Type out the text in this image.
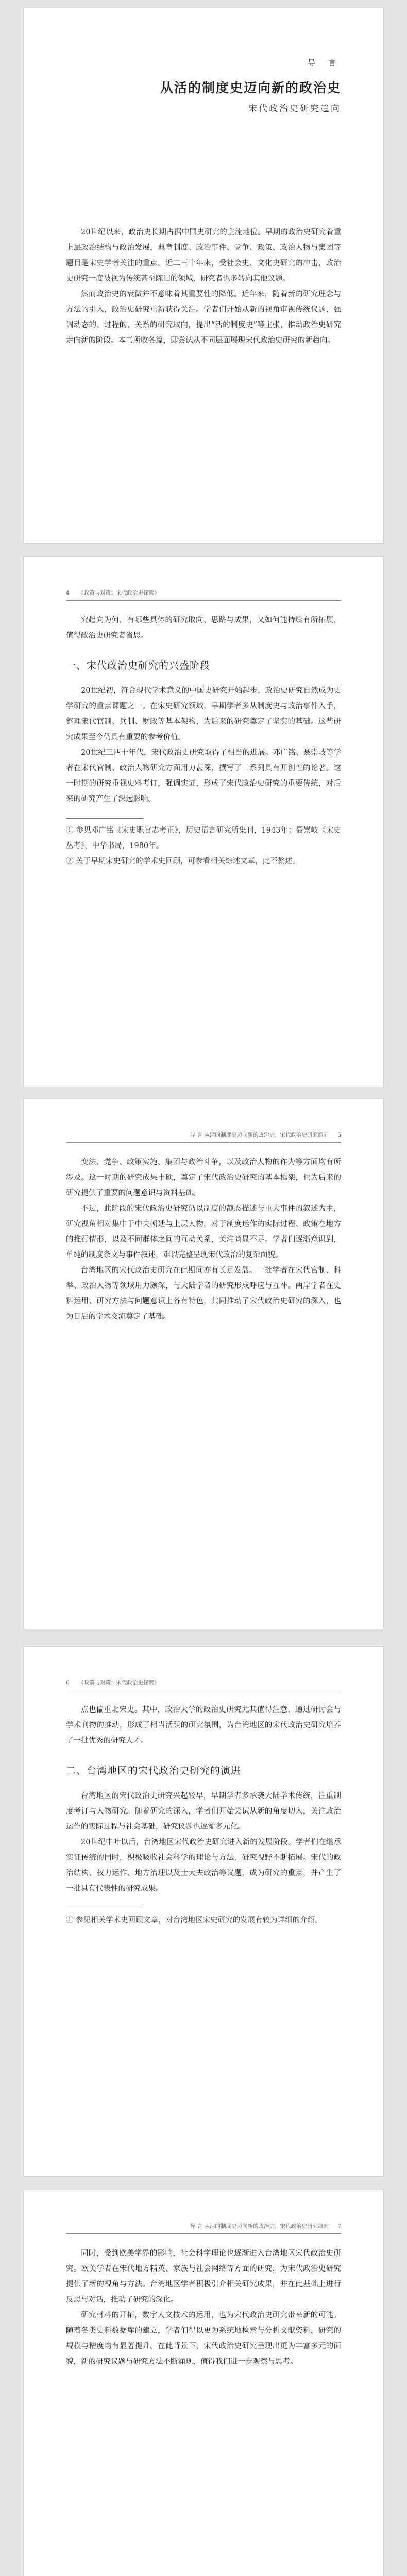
导 言
从活的制度史迈向新的政治史
宋代政治史研究趋向

20世纪以来，政治史长期占据中国史研究的主流地位。早期的政治史研究着重上层政治结构与政治发展，典章制度、政治事件、党争、政策、政治人物与集团等题目是宋史学者关注的重点。近二三十年来，受社会史、文化史研究的冲击，政治史研究一度被视为传统甚至陈旧的领域，研究者也多转向其他议题。

然而政治史的衰微并不意味着其重要性的降低。近年来，随着新的研究理念与方法的引入，政治史研究重新获得关注。学者们开始从新的视角审视传统议题，强调动态的、过程的、关系的研究取向，提出“活的制度史”等主张，推动政治史研究走向新的阶段。本书所收各篇，即尝试从不同层面展现宋代政治史研究的新趋向。

4 《政策与对策：宋代政治史探索》

究趋向为何，有哪些具体的研究取向、思路与成果，又如何能持续有所拓展，值得政治史研究者省思。

一、宋代政治史研究的兴盛阶段

20世纪初，符合现代学术意义的中国史研究开始起步，政治史研究自然成为史学研究的重点课题之一。在宋史研究领域，早期学者多从制度史与政治事件入手，整理宋代官制、兵制、财政等基本架构，为后来的研究奠定了坚实的基础。这些研究成果至今仍具有重要的参考价值。

20世纪三四十年代，宋代政治史研究取得了相当的进展。邓广铭、聂崇岐等学者在宋代官制、政治人物研究方面用力甚深，撰写了一系列具有开创性的论著。这一时期的研究重视史料考订，强调实证，形成了宋代政治史研究的重要传统，对后来的研究产生了深远影响。

① 参见邓广铭《宋史职官志考正》，历史语言研究所集刊，1943年；聂崇岐《宋史丛考》，中华书局，1980年。

② 关于早期宋史研究的学术史回顾，可参看相关综述文章，此不赘述。

导 言 从活的制度史迈向新的政治史：宋代政治史研究趋向 5

变法、党争、政策实施、集团与政治斗争，以及政治人物的作为等方面均有所涉及。这一时期的研究成果丰硕，奠定了宋代政治史研究的基本框架，也为后来的研究提供了重要的问题意识与资料基础。

不过，此阶段的宋代政治史研究仍以制度的静态描述与重大事件的叙述为主，研究视角相对集中于中央朝廷与上层人物，对于制度运作的实际过程、政策在地方的推行情形，以及不同群体之间的互动关系，关注尚显不足。学者们逐渐意识到，单纯的制度条文与事件叙述，难以完整呈现宋代政治的复杂面貌。

台湾地区的宋代政治史研究在此期间亦有长足发展。一批学者在宋代官制、科举、政治人物等领域用力颇深，与大陆学者的研究形成呼应与互补。两岸学者在史料运用、研究方法与问题意识上各有特色，共同推动了宋代政治史研究的深入，也为日后的学术交流奠定了基础。

6 《政策与对策：宋代政治史探索》

点也偏重北宋史。其中，政治大学的政治史研究尤其值得注意，通过研讨会与学术刊物的推动，形成了相当活跃的研究氛围，为台湾地区的宋代政治史研究培养了一批优秀的研究人才。

二、台湾地区的宋代政治史研究的演进

台湾地区的宋代政治史研究兴起较早，早期学者多承袭大陆学术传统，注重制度考订与人物研究。随着研究的深入，学者们开始尝试从新的角度切入，关注政治运作的实际过程与社会基础，研究议题也逐渐多元化。

20世纪中叶以后，台湾地区宋代政治史研究进入新的发展阶段。学者们在继承实证传统的同时，积极吸收社会科学的理论与方法，研究视野不断拓展。宋代的政治结构、权力运作、地方治理以及士大夫政治等议题，成为研究的重点，并产生了一批具有代表性的研究成果。

① 参见相关学术史回顾文章，对台湾地区宋史研究的发展有较为详细的介绍。

导 言 从活的制度史迈向新的政治史：宋代政治史研究趋向 7

同时，受到欧美学界的影响，社会科学理论也逐渐进入台湾地区宋代政治史研究。欧美学者在宋代地方精英、家族与社会网络等方面的研究，为宋代政治史研究提供了新的视角与方法。台湾地区学者积极引介相关研究成果，并在此基础上进行反思与对话，推动了研究的深化。

研究材料的开拓，数字人文技术的运用，也为宋代政治史研究带来新的可能。随着各类史料数据库的建立，学者们得以更为系统地检索与分析文献资料，研究的规模与精度均有显著提升。在此背景下，宋代政治史研究呈现出更为丰富多元的面貌，新的研究议题与研究方法不断涌现，值得我们进一步观察与思考。
